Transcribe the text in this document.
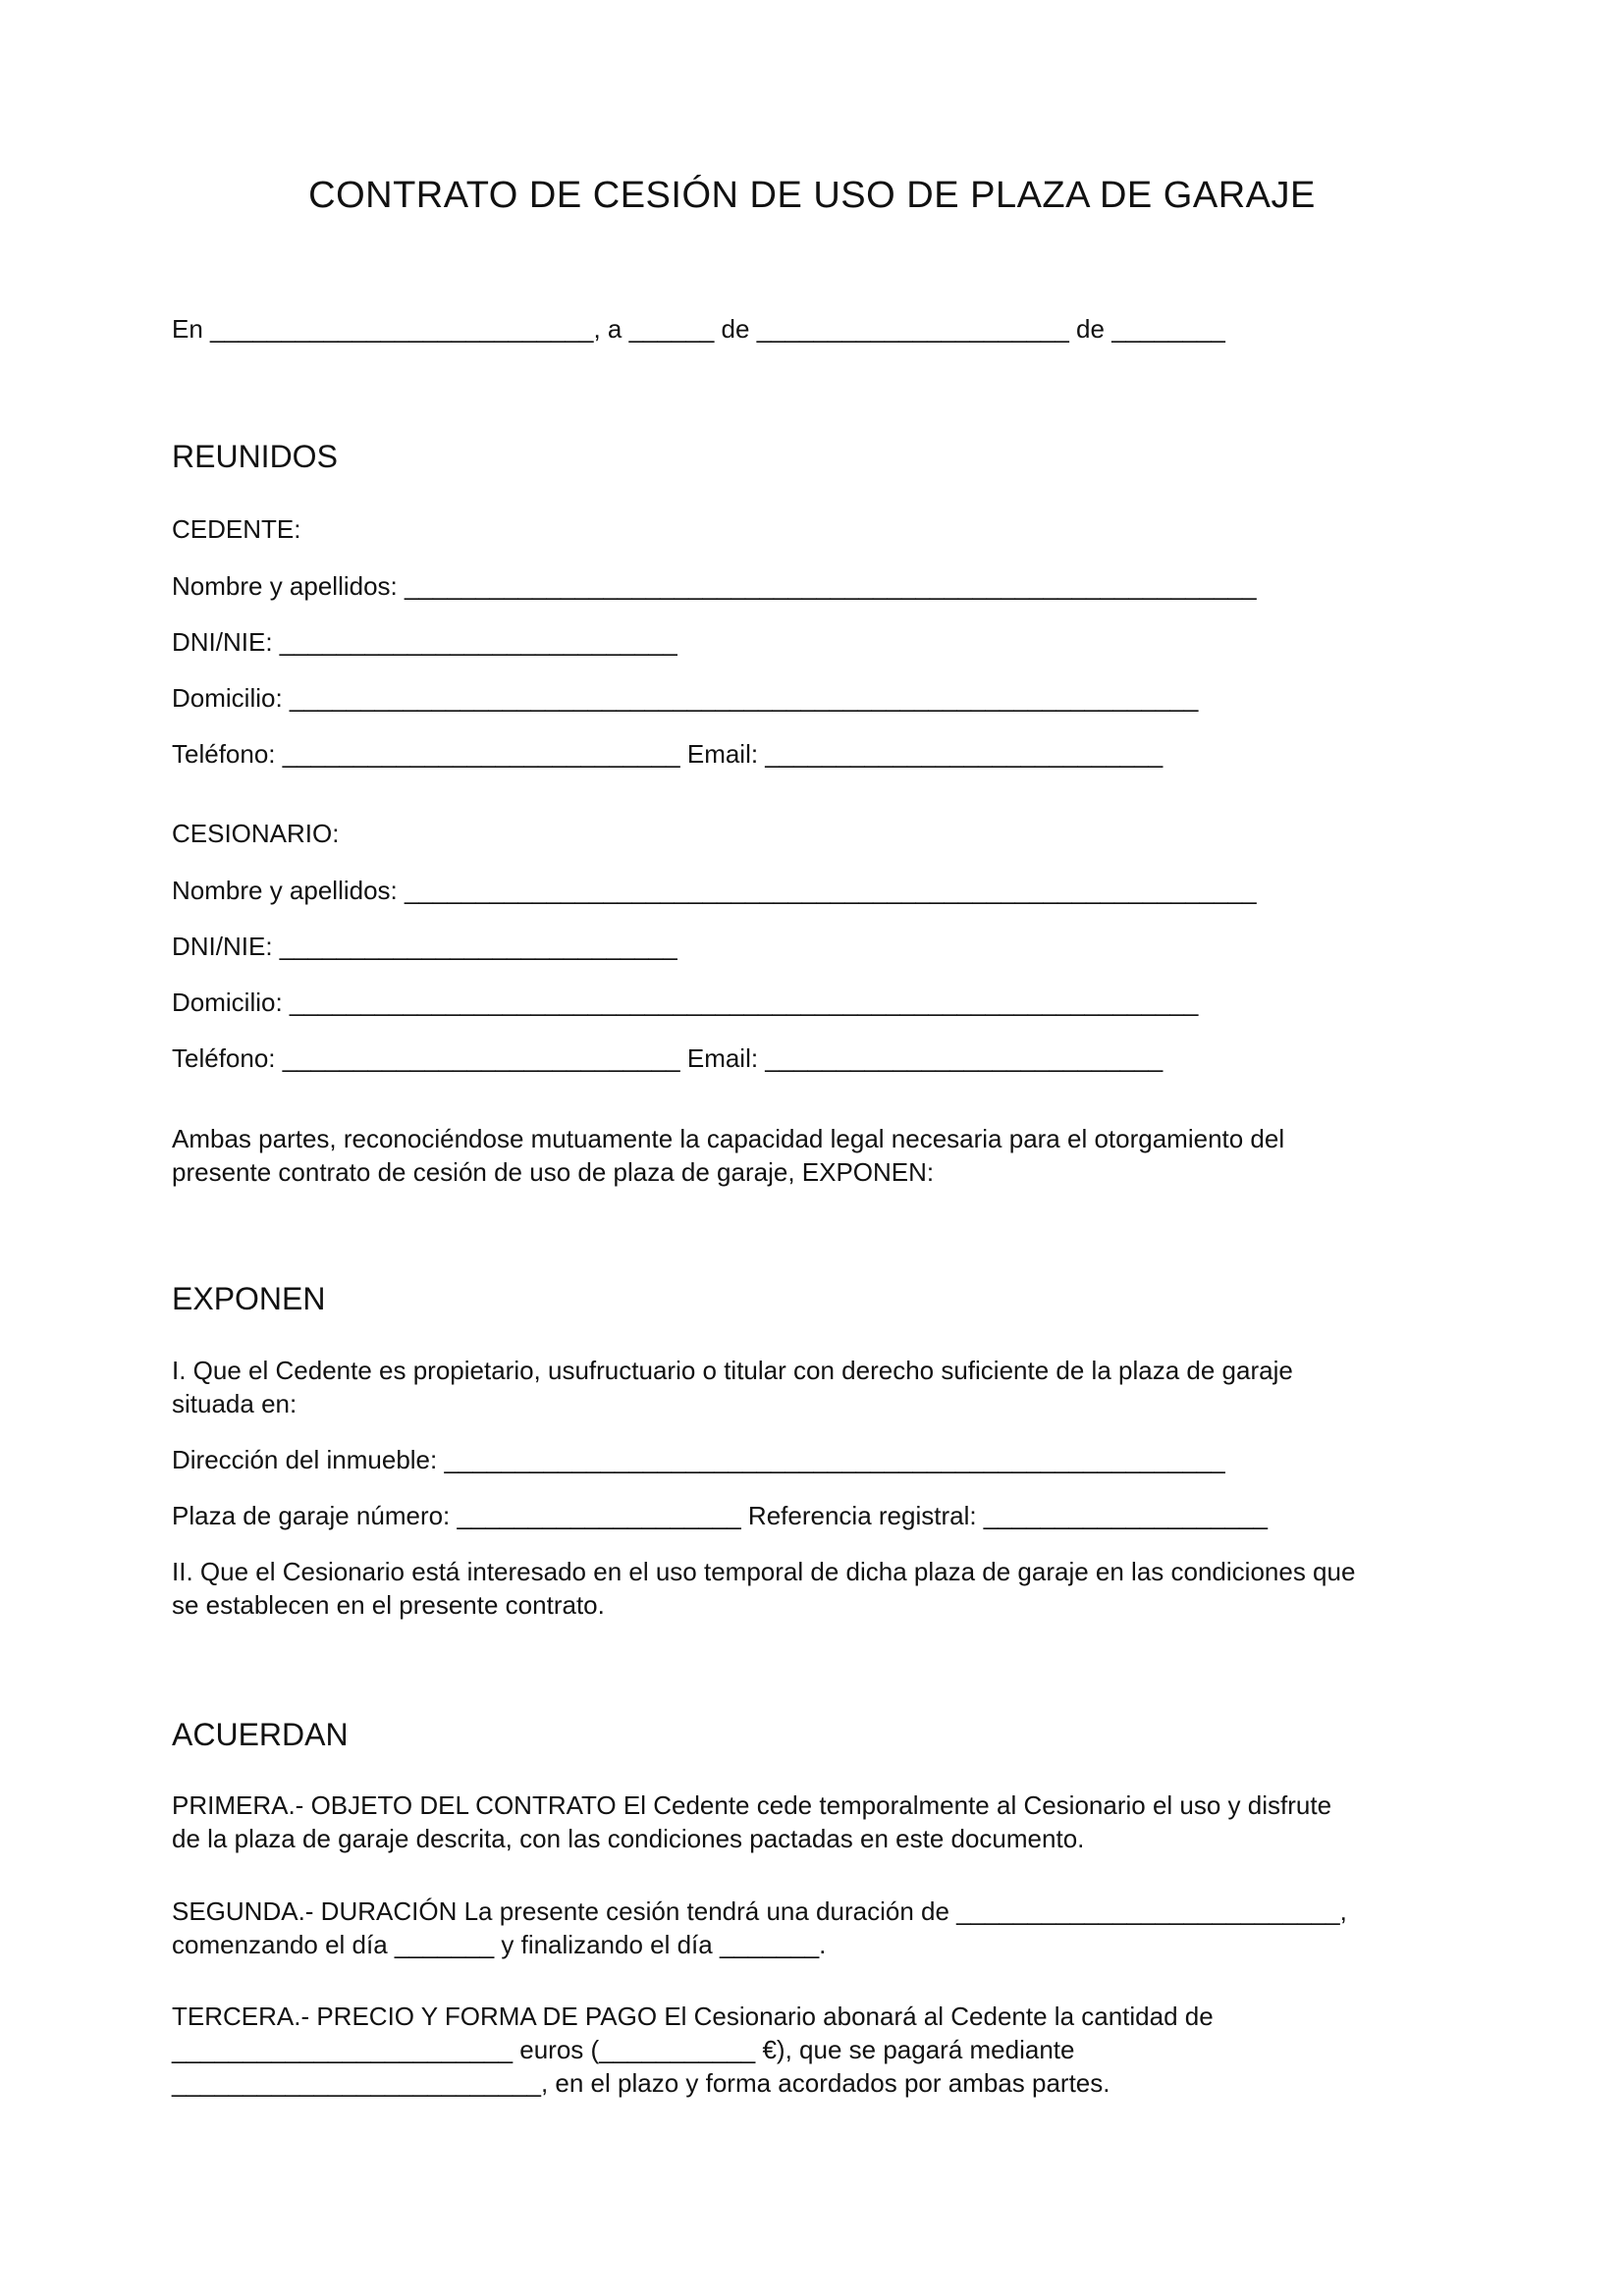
CONTRATO DE CESIÓN DE USO DE PLAZA DE GARAJE
En ___________________________, a ______ de ______________________ de ________
REUNIDOS
CEDENTE:
Nombre y apellidos: ____________________________________________________________
DNI/NIE: ____________________________
Domicilio: ________________________________________________________________
Teléfono: ____________________________ Email: ____________________________
CESIONARIO:
Nombre y apellidos: ____________________________________________________________
DNI/NIE: ____________________________
Domicilio: ________________________________________________________________
Teléfono: ____________________________ Email: ____________________________
Ambas partes, reconociéndose mutuamente la capacidad legal necesaria para el otorgamiento del
presente contrato de cesión de uso de plaza de garaje, EXPONEN:
EXPONEN
I. Que el Cedente es propietario, usufructuario o titular con derecho suficiente de la plaza de garaje
situada en:
Dirección del inmueble: _______________________________________________________
Plaza de garaje número: ____________________ Referencia registral: ____________________
II. Que el Cesionario está interesado en el uso temporal de dicha plaza de garaje en las condiciones que
se establecen en el presente contrato.
ACUERDAN
PRIMERA.- OBJETO DEL CONTRATO El Cedente cede temporalmente al Cesionario el uso y disfrute
de la plaza de garaje descrita, con las condiciones pactadas en este documento.
SEGUNDA.- DURACIÓN La presente cesión tendrá una duración de ___________________________,
comenzando el día _______ y finalizando el día _______.
TERCERA.- PRECIO Y FORMA DE PAGO El Cesionario abonará al Cedente la cantidad de
________________________ euros (___________ €), que se pagará mediante
__________________________, en el plazo y forma acordados por ambas partes.
